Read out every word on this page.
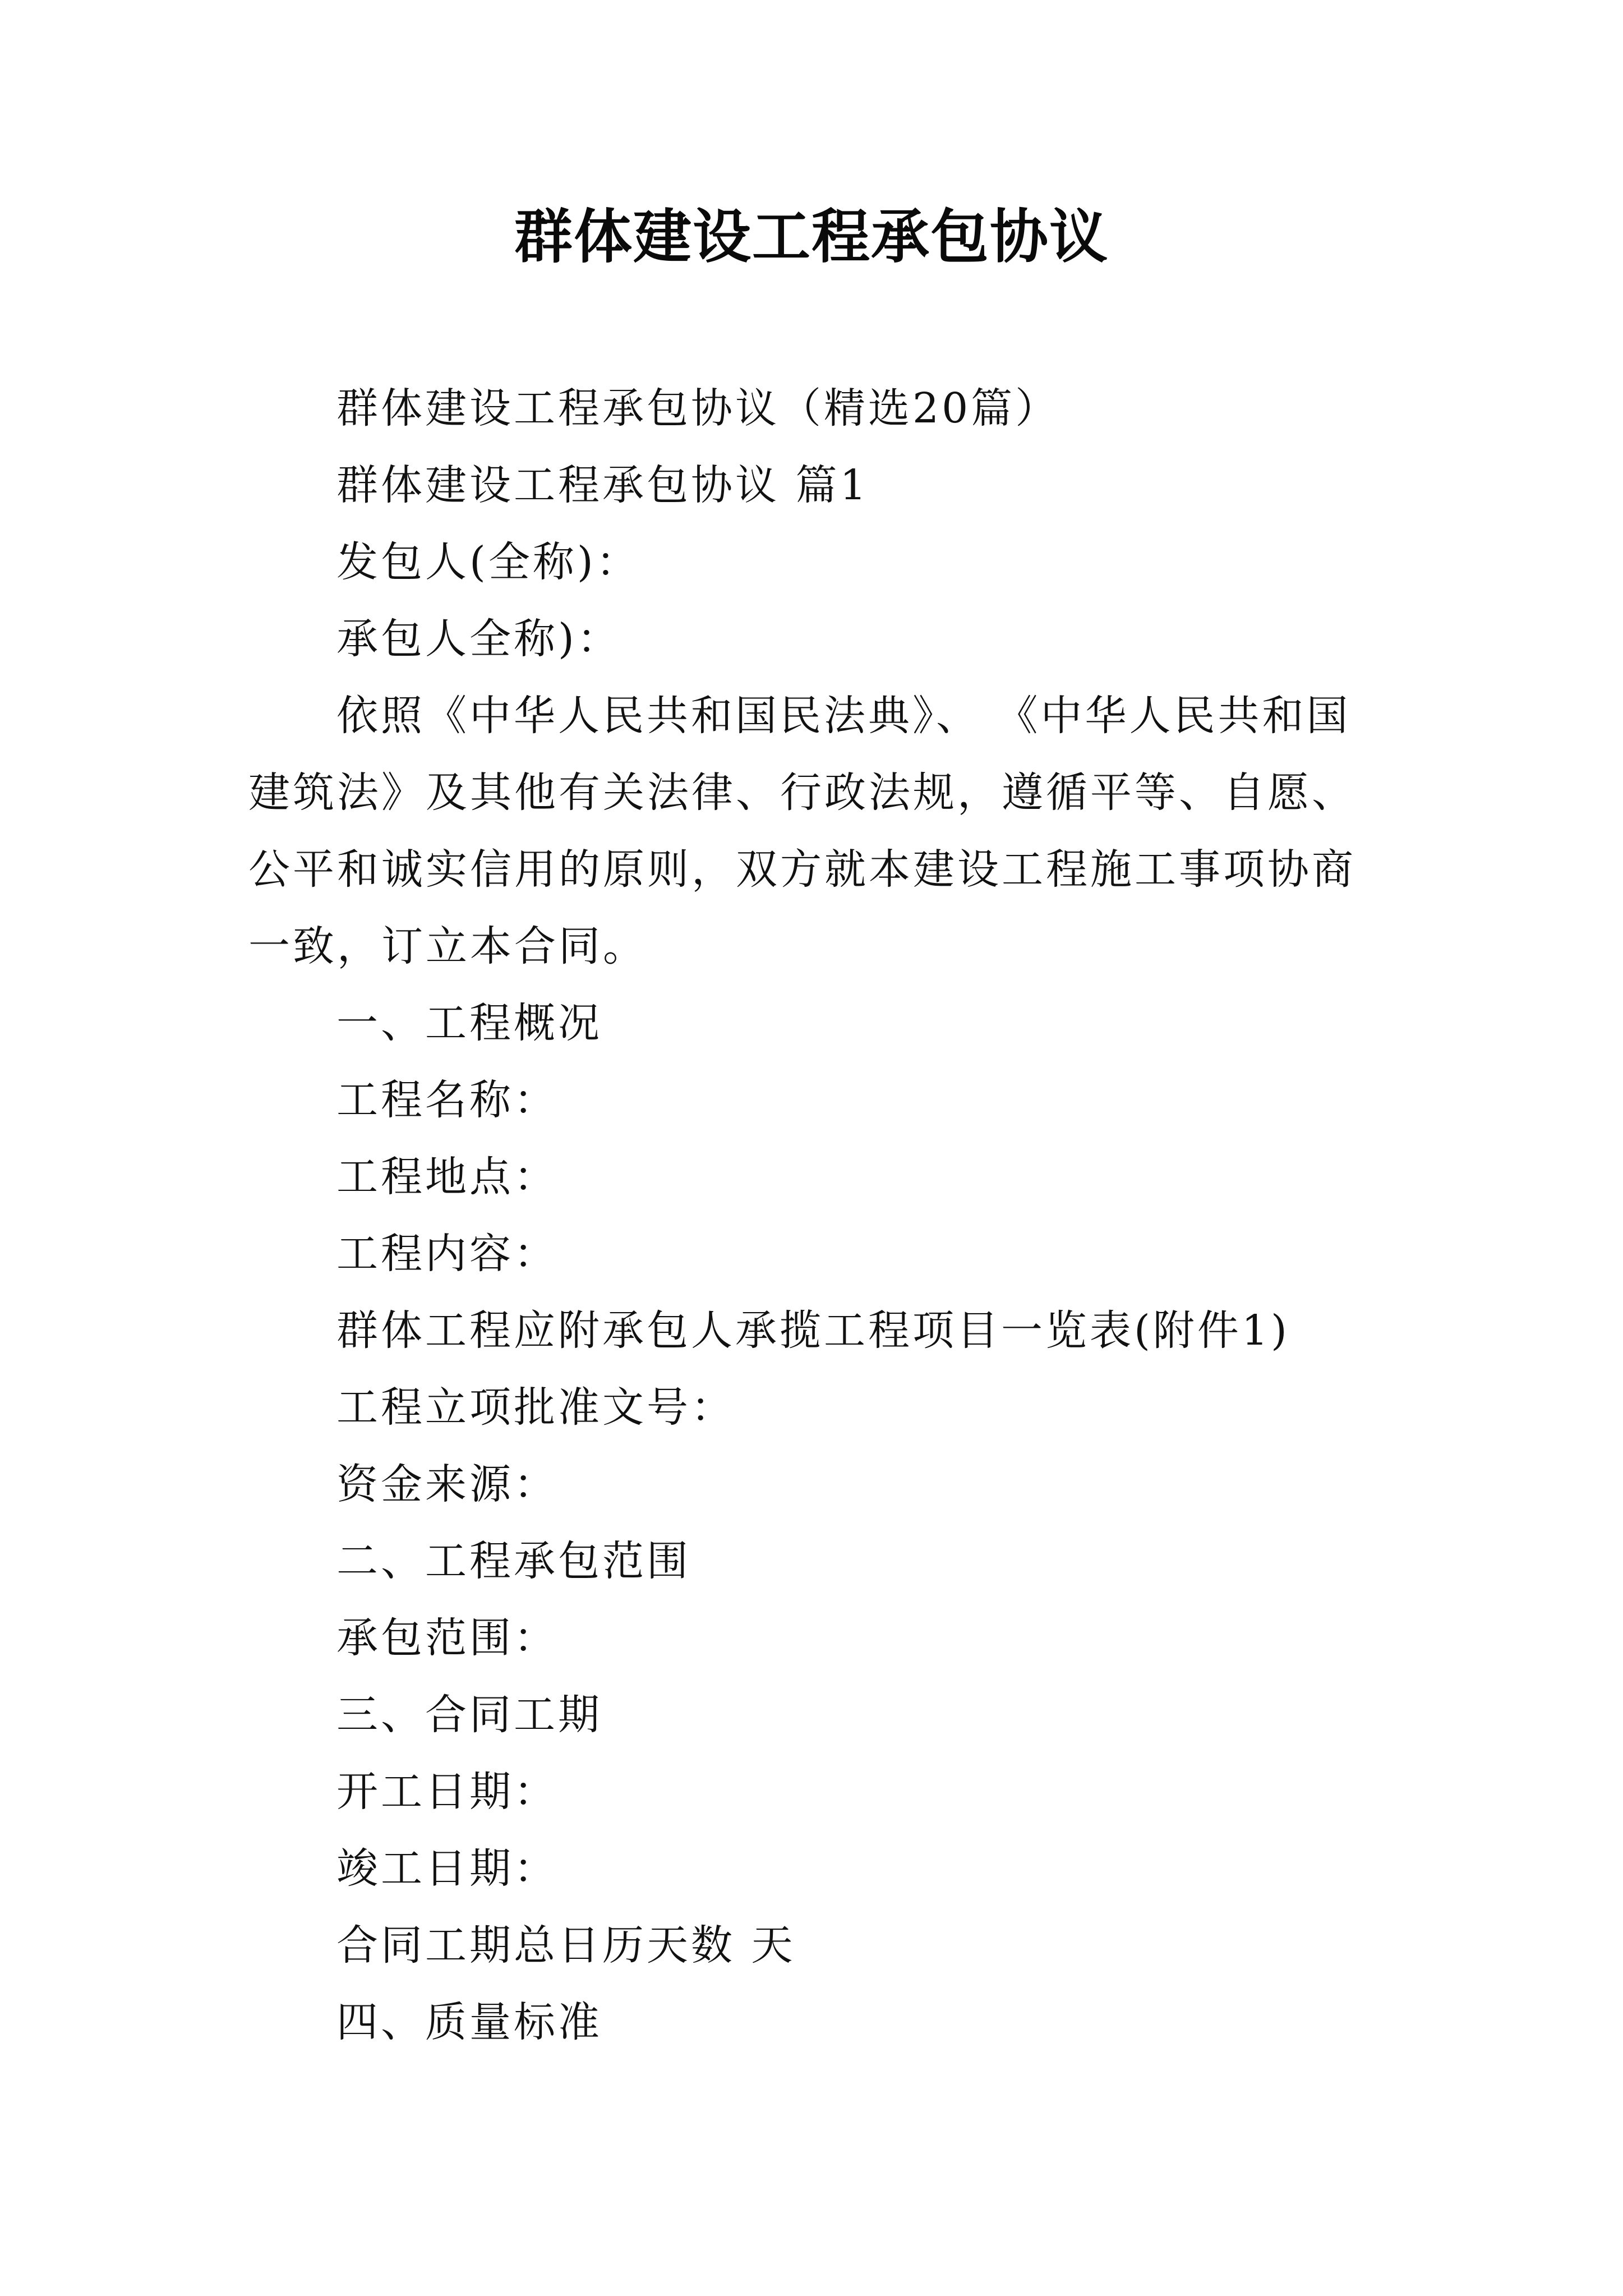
群体建设工程承包协议

群体建设工程承包协议（精选20篇）

群体建设工程承包协议 篇1

发包人(全称)：

承包人全称)：

依照《中华人民共和国民法典》、 《中华人民共和国建筑法》及其他有关法律、行政法规，遵循平等、自愿、公平和诚实信用的原则，双方就本建设工程施工事项协商一致，订立本合同。

一、工程概况

工程名称：

工程地点：

工程内容：

群体工程应附承包人承揽工程项目一览表(附件1)

工程立项批准文号：

资金来源：

二、工程承包范围

承包范围：

三、合同工期

开工日期：

竣工日期：

合同工期总日历天数 天

四、质量标准
